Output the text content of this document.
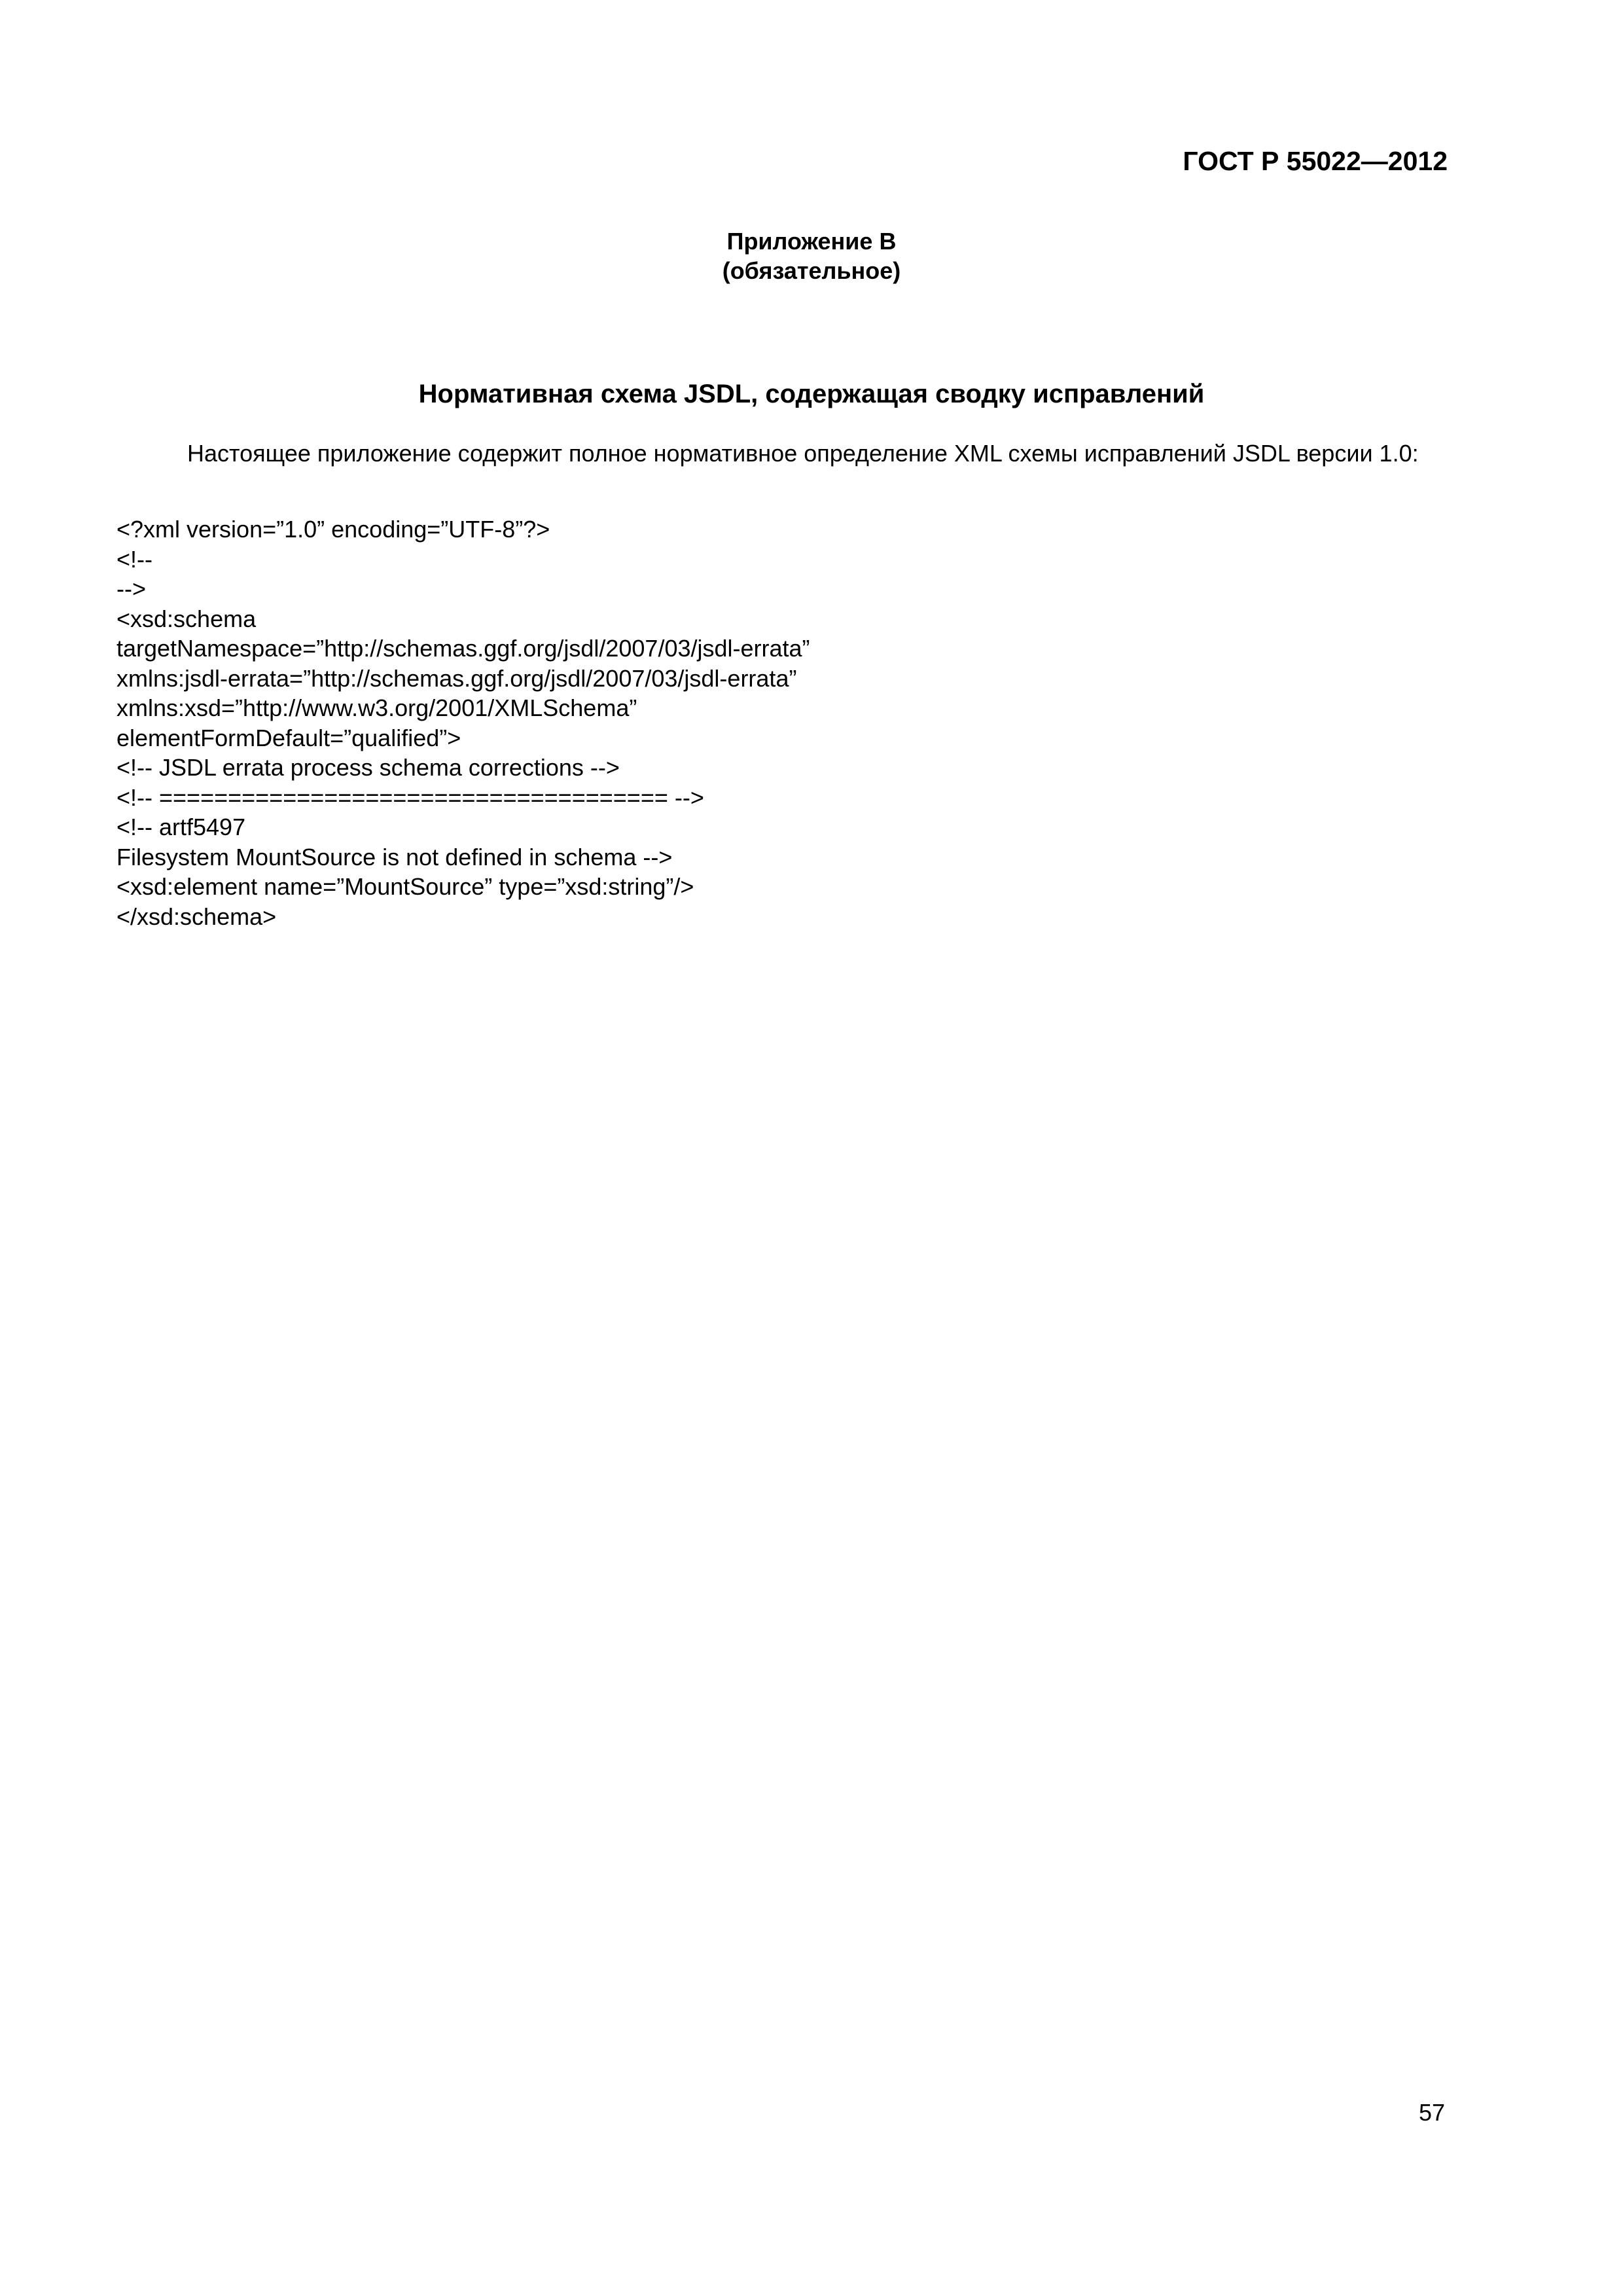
ГОСТ Р 55022—2012
Приложение В
(обязательное)
Нормативная схема JSDL, содержащая сводку исправлений

Настоящее приложение содержит полное нормативное определение XML схемы исправлений JSDL версии 1.0:

<?xml version=”1.0” encoding=”UTF-8”?>
<!--
-->
<xsd:schema
targetNamespace=”http://schemas.ggf.org/jsdl/2007/03/jsdl-errata”
xmlns:jsdl-errata=”http://schemas.ggf.org/jsdl/2007/03/jsdl-errata”
xmlns:xsd=”http://www.w3.org/2001/XMLSchema”
elementFormDefault=”qualified”>
<!-- JSDL errata process schema corrections -->
<!-- ===================================== -->
<!-- artf5497
Filesystem MountSource is not defined in schema -->
<xsd:element name=”MountSource” type=”xsd:string”/>
</xsd:schema>
57
